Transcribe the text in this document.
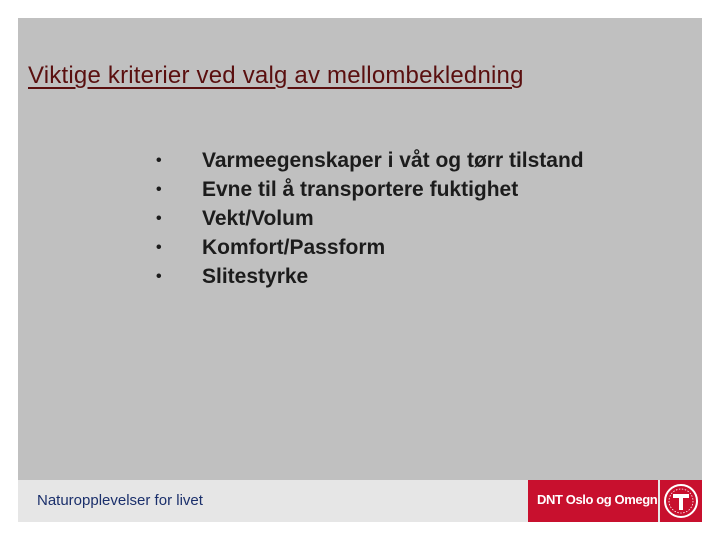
Viktige kriterier ved valg av mellombekledning
•	Varmeegenskaper i våt og tørr tilstand
•	Evne til å transportere fuktighet
•	Vekt/Volum
•	Komfort/Passform
•	Slitestyrke
Naturopplevelser for livet	DNT Oslo og Omegn
